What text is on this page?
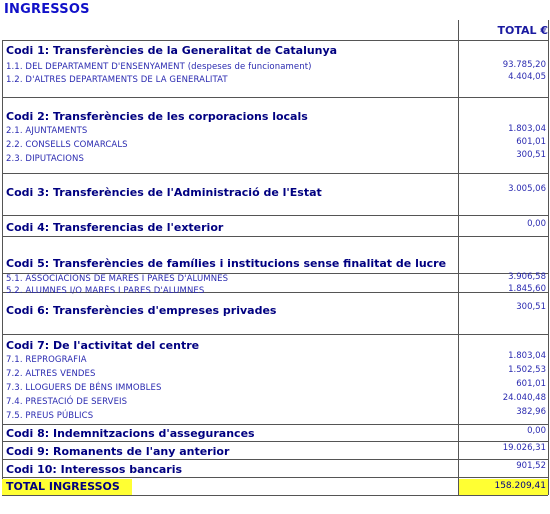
INGRESSOS
TOTAL €
Codi 1: Transferències de la Generalitat de Catalunya
1.1. DEL DEPARTAMENT D'ENSENYAMENT (despeses de funcionament)	93.785,20
1.2. D'ALTRES DEPARTAMENTS DE LA GENERALITAT	4.404,05
Codi 2: Transferències de les corporacions locals
2.1. AJUNTAMENTS	1.803,04
2.2. CONSELLS COMARCALS	601,01
2.3. DIPUTACIONS	300,51
Codi 3: Transferències de l'Administració de l'Estat	3.005,06
Codi 4: Transferencias de l'exterior	0,00
Codi 5: Transferències de famílies i institucions sense finalitat de lucre
5.1. ASSOCIACIONS DE MARES I PARES D'ALUMNES	3.906,58
5.2. ALUMNES I/O MARES I PARES D'ALUMNES	1.845,60
Codi 6: Transferències d'empreses privades	300,51
Codi 7: De l'activitat del centre
7.1. REPROGRAFIA	1.803,04
7.2. ALTRES VENDES	1.502,53
7.3. LLOGUERS DE BÉNS IMMOBLES	601,01
7.4. PRESTACIÓ DE SERVEIS	24.040,48
7.5. PREUS PÚBLICS	382,96
Codi 8: Indemnitzacions d'assegurances	0,00
Codi 9: Romanents de l'any anterior	19.026,31
Codi 10: Interessos bancaris	901,52
TOTAL INGRESSOS	158.209,41
